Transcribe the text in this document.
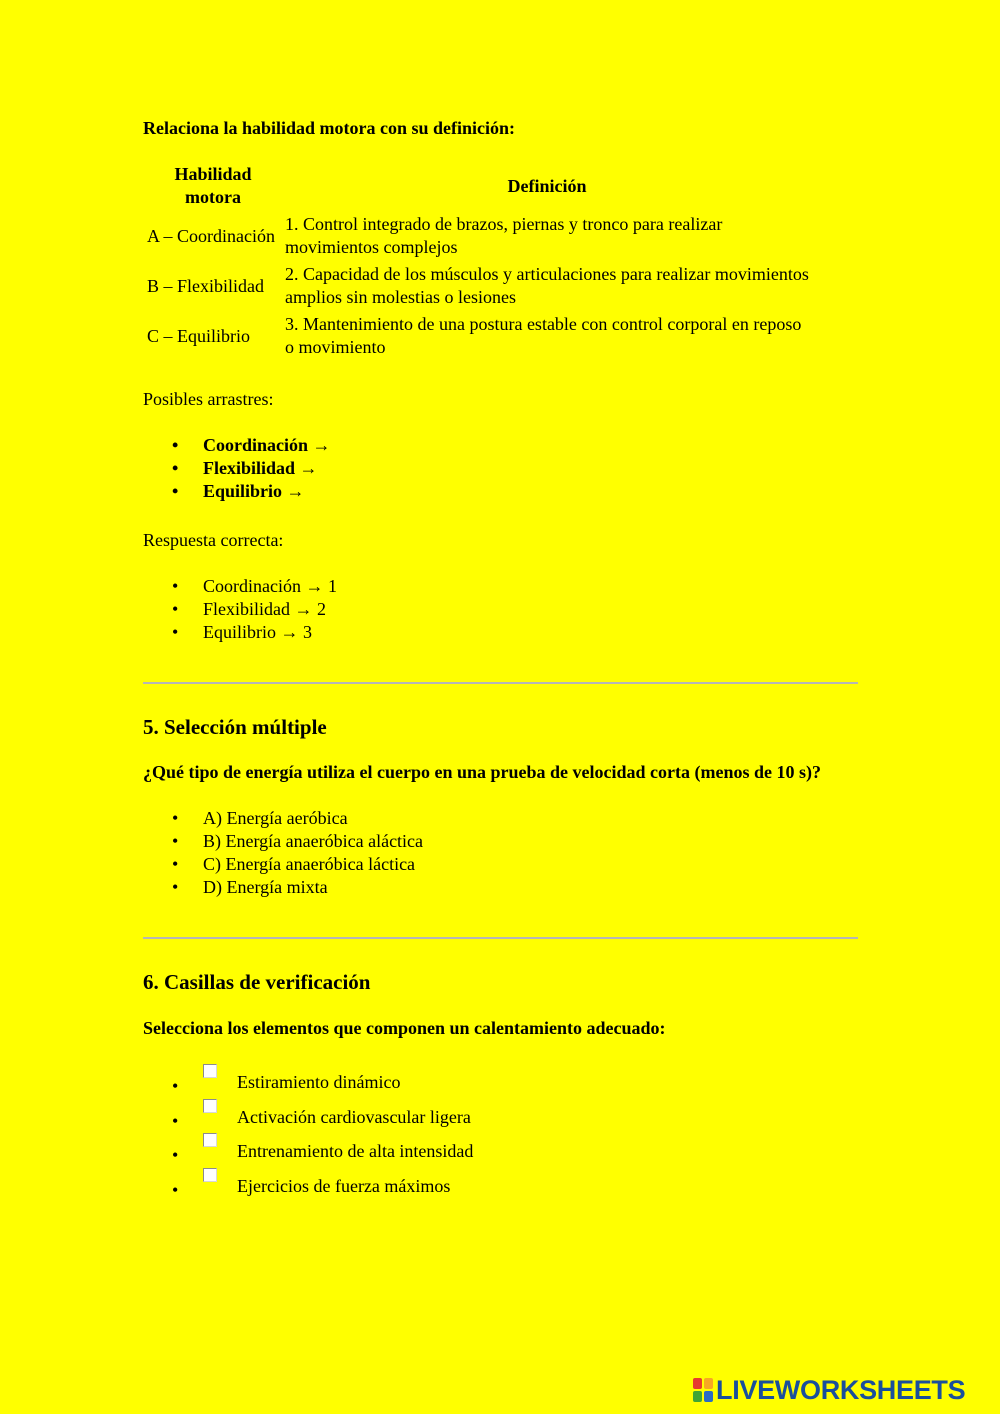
Relaciona la habilidad motora con su definición:

Habilidad motora	Definición
A – Coordinación	1. Control integrado de brazos, piernas y tronco para realizar movimientos complejos
B – Flexibilidad	2. Capacidad de los músculos y articulaciones para realizar movimientos amplios sin molestias o lesiones
C – Equilibrio	3. Mantenimiento de una postura estable con control corporal en reposo o movimiento

Posibles arrastres:

• Coordinación →
• Flexibilidad →
• Equilibrio →

Respuesta correcta:

• Coordinación → 1
• Flexibilidad → 2
• Equilibrio → 3
5. Selección múltiple

¿Qué tipo de energía utiliza el cuerpo en una prueba de velocidad corta (menos de 10 s)?

• A) Energía aeróbica
• B) Energía anaeróbica aláctica
• C) Energía anaeróbica láctica
• D) Energía mixta
6. Casillas de verificación

Selecciona los elementos que componen un calentamiento adecuado:

• Estiramiento dinámico
• Activación cardiovascular ligera
• Entrenamiento de alta intensidad
• Ejercicios de fuerza máximos
LIVEWORKSHEETS
